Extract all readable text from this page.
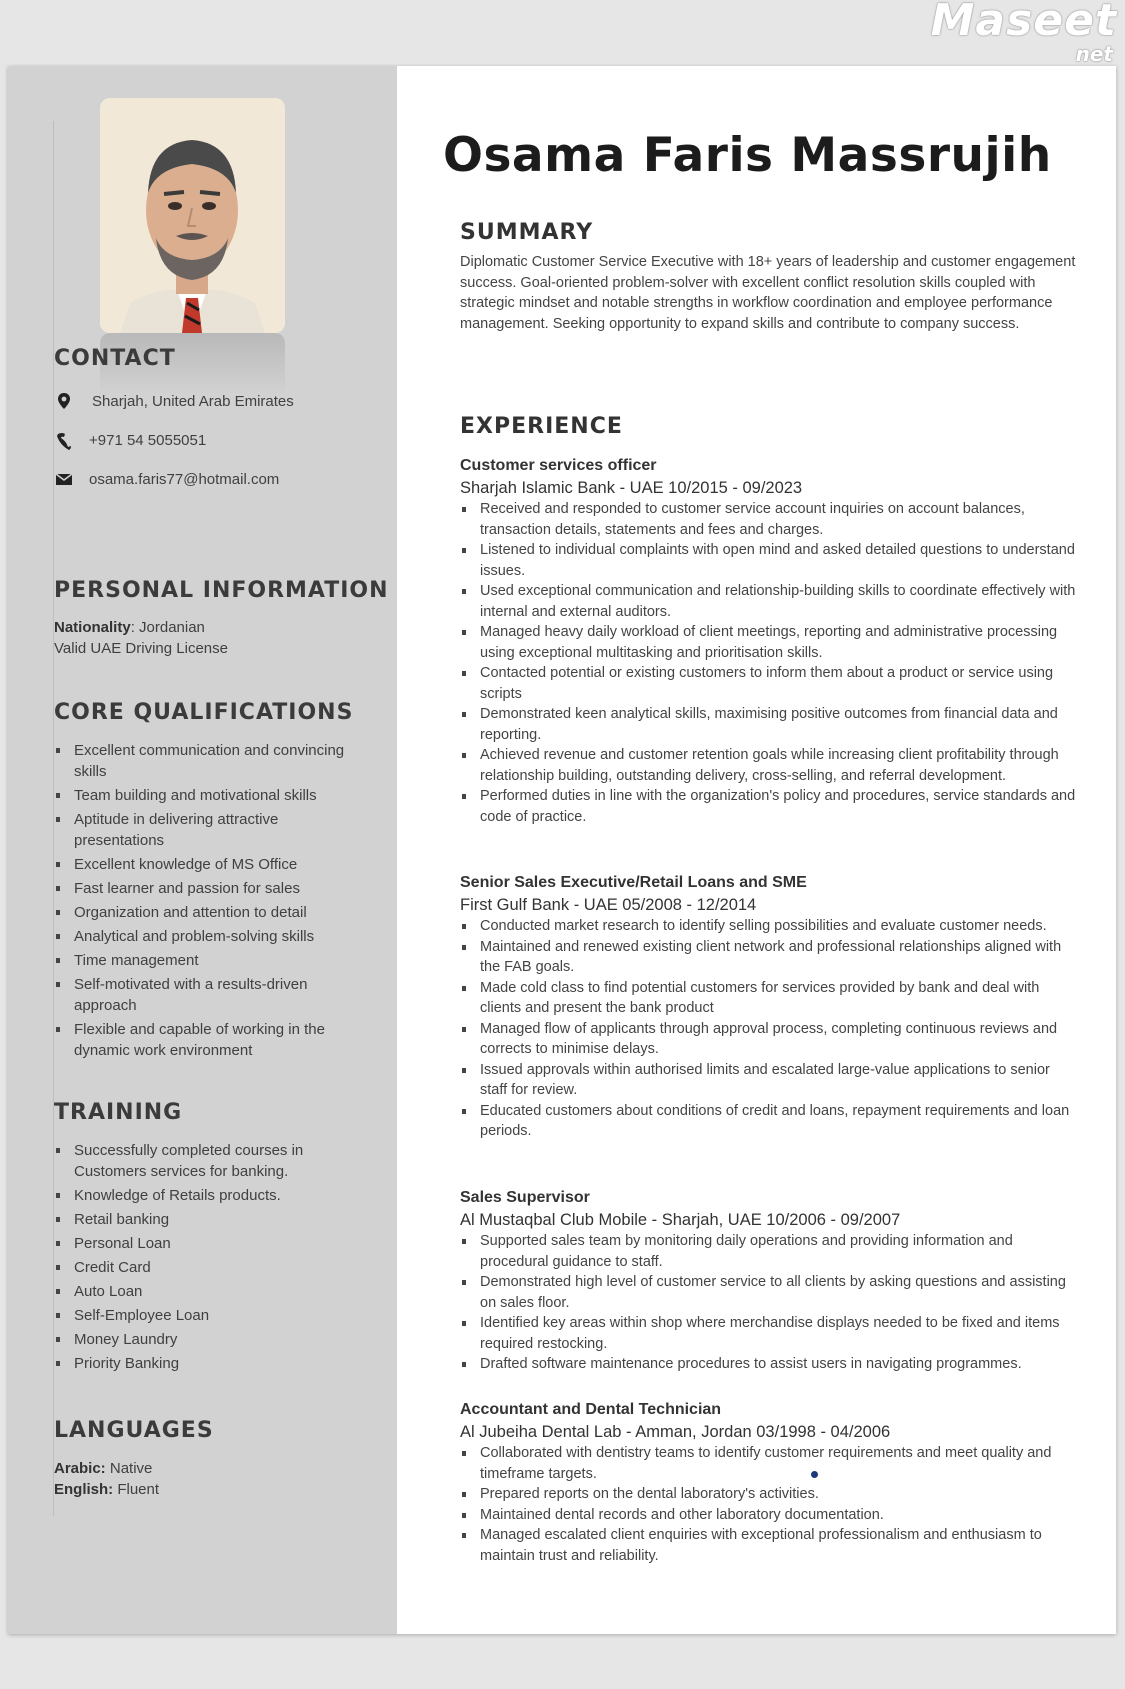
Maseet
net
CONTACT
Sharjah, United Arab Emirates
+971 54 5055051
osama.faris77@hotmail.com
PERSONAL INFORMATION
Nationality: Jordanian
Valid UAE Driving License
CORE QUALIFICATIONS
Excellent communication and convincing skills
Team building and motivational skills
Aptitude in delivering attractive presentations
Excellent knowledge of MS Office
Fast learner and passion for sales
Organization and attention to detail
Analytical and problem-solving skills
Time management
Self-motivated with a results-driven approach
Flexible and capable of working in the dynamic work environment
TRAINING
Successfully completed courses in Customers services for banking.
Knowledge of Retails products.
Retail banking
Personal Loan
Credit Card
Auto Loan
Self-Employee Loan
Money Laundry
Priority Banking
LANGUAGES
Arabic: Native
English: Fluent
Osama Faris Massrujih
SUMMARY

Diplomatic Customer Service Executive with 18+ years of leadership and customer engagement success. Goal-oriented problem-solver with excellent conflict resolution skills coupled with strategic mindset and notable strengths in workflow coordination and employee performance management. Seeking opportunity to expand skills and contribute to company success.

EXPERIENCE
Customer services officer
Sharjah Islamic Bank - UAE 10/2015 - 09/2023
Received and responded to customer service account inquiries on account balances, transaction details, statements and fees and charges.
Listened to individual complaints with open mind and asked detailed questions to understand issues.
Used exceptional communication and relationship-building skills to coordinate effectively with internal and external auditors.
Managed heavy daily workload of client meetings, reporting and administrative processing using exceptional multitasking and prioritisation skills.
Contacted potential or existing customers to inform them about a product or service using scripts
Demonstrated keen analytical skills, maximising positive outcomes from financial data and reporting.
Achieved revenue and customer retention goals while increasing client profitability through relationship building, outstanding delivery, cross-selling, and referral development.
Performed duties in line with the organization's policy and procedures, service standards and code of practice.
Senior Sales Executive/Retail Loans and SME
First Gulf Bank - UAE 05/2008 - 12/2014
Conducted market research to identify selling possibilities and evaluate customer needs.
Maintained and renewed existing client network and professional relationships aligned with the FAB goals.
Made cold class to find potential customers for services provided by bank and deal with clients and present the bank product
Managed flow of applicants through approval process, completing continuous reviews and corrects to minimise delays.
Issued approvals within authorised limits and escalated large-value applications to senior staff for review.
Educated customers about conditions of credit and loans, repayment requirements and loan periods.
Sales Supervisor
Al Mustaqbal Club Mobile - Sharjah, UAE 10/2006 - 09/2007
Supported sales team by monitoring daily operations and providing information and procedural guidance to staff.
Demonstrated high level of customer service to all clients by asking questions and assisting on sales floor.
Identified key areas within shop where merchandise displays needed to be fixed and items required restocking.
Drafted software maintenance procedures to assist users in navigating programmes.
Accountant and Dental Technician
Al Jubeiha Dental Lab - Amman, Jordan 03/1998 - 04/2006
Collaborated with dentistry teams to identify customer requirements and meet quality and timeframe targets.
Prepared reports on the dental laboratory's activities.
Maintained dental records and other laboratory documentation.
Managed escalated client enquiries with exceptional professionalism and enthusiasm to maintain trust and reliability.
